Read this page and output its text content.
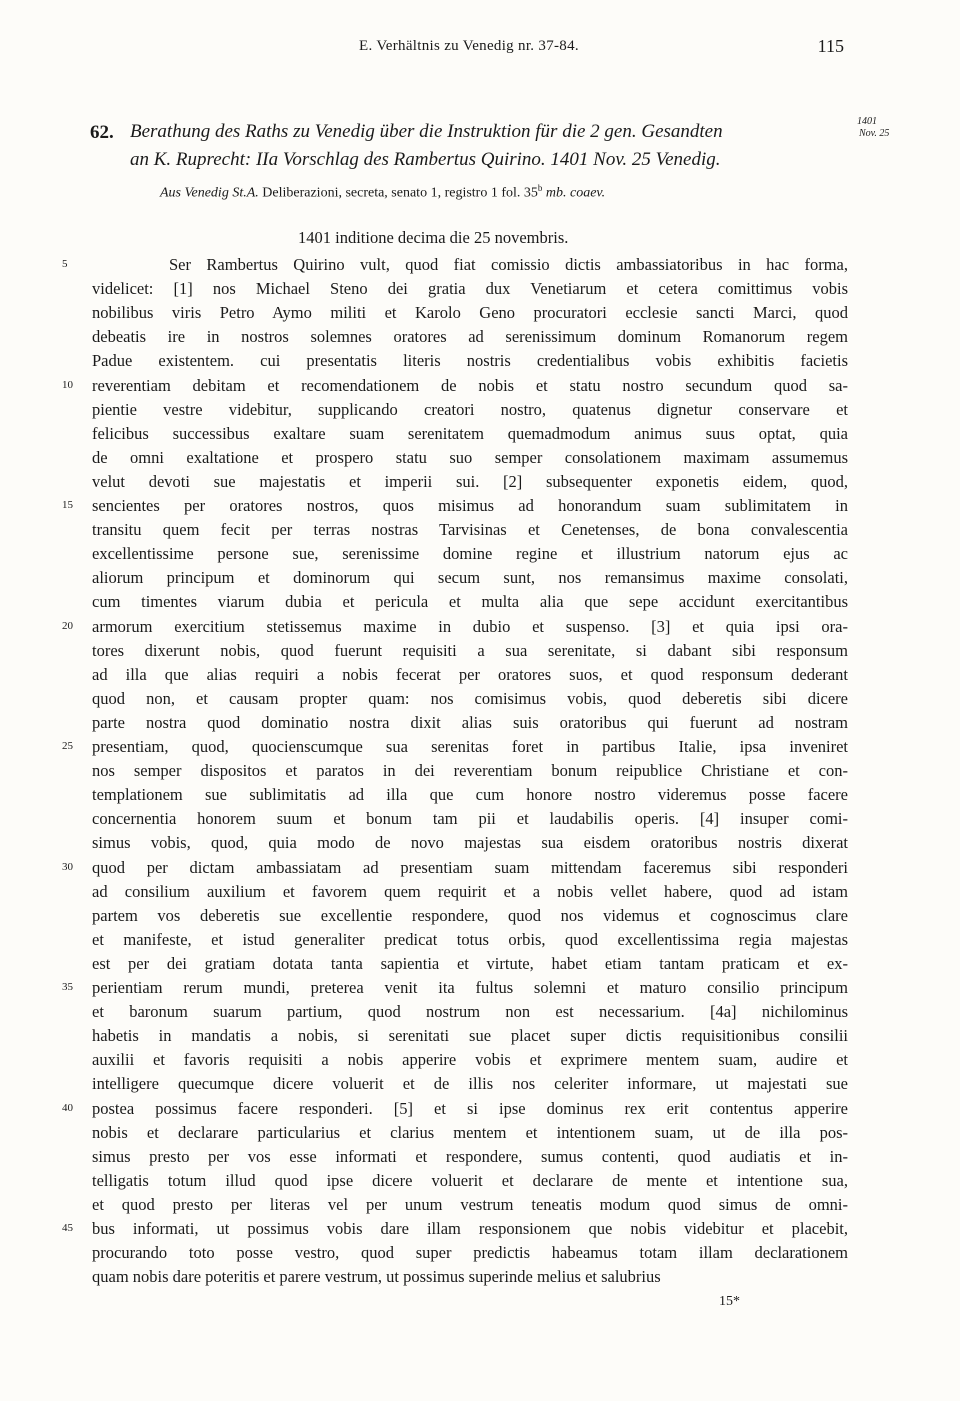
E. Verhältnis zu Venedig nr. 37-84.	115
62. Berathung des Raths zu Venedig über die Instruktion für die 2 gen. Gesandten
an K. Ruprecht: IIa Vorschlag des Rambertus Quirino. 1401 Nov. 25 Venedig.
1401
Nov. 25
Aus Venedig St.A. Deliberazioni, secreta, senato 1, registro 1 fol. 35$^b$ mb. coaev.
1401 inditione decima die 25 novembris.
Ser Rambertus Quirino vult, quod fiat comissio dictis ambassiatoribus in hac forma,
videlicet: [1] nos Michael Steno dei gratia dux Venetiarum et cetera comittimus vobis
nobilibus viris Petro Aymo militi et Karolo Geno procuratori ecclesie sancti Marci, quod
debeatis ire in nostros solemnes oratores ad serenissimum dominum Romanorum regem
Padue existentem. cui presentatis literis nostris credentialibus vobis exhibitis facietis
reverentiam debitam et recomendationem de nobis et statu nostro secundum quod sa-
pientie vestre videbitur, supplicando creatori nostro, quatenus dignetur conservare et
felicibus successibus exaltare suam serenitatem quemadmodum animus suus optat, quia
de omni exaltatione et prospero statu suo semper consolationem maximam assumemus
velut devoti sue majestatis et imperii sui. [2] subsequenter exponetis eidem, quod,
sencientes per oratores nostros, quos misimus ad honorandum suam sublimitatem in
transitu quem fecit per terras nostras Tarvisinas et Cenetenses, de bona convalescentia
excellentissime persone sue, serenissime domine regine et illustrium natorum ejus ac
aliorum principum et dominorum qui secum sunt, nos remansimus maxime consolati,
cum timentes viarum dubia et pericula et multa alia que sepe accidunt exercitantibus
armorum exercitium stetissemus maxime in dubio et suspenso. [3] et quia ipsi ora-
tores dixerunt nobis, quod fuerunt requisiti a sua serenitate, si dabant sibi responsum
ad illa que alias requiri a nobis fecerat per oratores suos, et quod responsum dederant
quod non, et causam propter quam: nos comisimus vobis, quod deberetis sibi dicere
parte nostra quod dominatio nostra dixit alias suis oratoribus qui fuerunt ad nostram
presentiam, quod, quocienscumque sua serenitas foret in partibus Italie, ipsa inveniret
nos semper dispositos et paratos in dei reverentiam bonum reipublice Christiane et con-
templationem sue sublimitatis ad illa que cum honore nostro videremus posse facere
concernentia honorem suum et bonum tam pii et laudabilis operis. [4] insuper comi-
simus vobis, quod, quia modo de novo majestas sua eisdem oratoribus nostris dixerat
quod per dictam ambassiatam ad presentiam suam mittendam faceremus sibi responderi
ad consilium auxilium et favorem quem requirit et a nobis vellet habere, quod ad istam
partem vos deberetis sue excellentie respondere, quod nos videmus et cognoscimus clare
et manifeste, et istud generaliter predicat totus orbis, quod excellentissima regia majestas
est per dei gratiam dotata tanta sapientia et virtute, habet etiam tantam praticam et ex-
perientiam rerum mundi, preterea venit ita fultus solemni et maturo consilio principum
et baronum suarum partium, quod nostrum non est necessarium. [4a] nichilominus
habetis in mandatis a nobis, si serenitati sue placet super dictis requisitionibus consilii
auxilii et favoris requisiti a nobis apperire vobis et exprimere mentem suam, audire et
intelligere quecumque dicere voluerit et de illis nos celeriter informare, ut majestati sue
postea possimus facere responderi. [5] et si ipse dominus rex erit contentus apperire
nobis et declarare particularius et clarius mentem et intentionem suam, ut de illa pos-
simus presto per vos esse informati et respondere, sumus contenti, quod audiatis et in-
telligatis totum illud quod ipse dicere voluerit et declarare de mente et intentione sua,
et quod presto per literas vel per unum vestrum teneatis modum quod simus de omni-
bus informati, ut possimus vobis dare illam responsionem que nobis videbitur et placebit,
procurando toto posse vestro, quod super predictis habeamus totam illam declarationem
quam nobis dare poteritis et parere vestrum, ut possimus superinde melius et salubrius
5
10
15
20
25
30
35
40
45
15*
